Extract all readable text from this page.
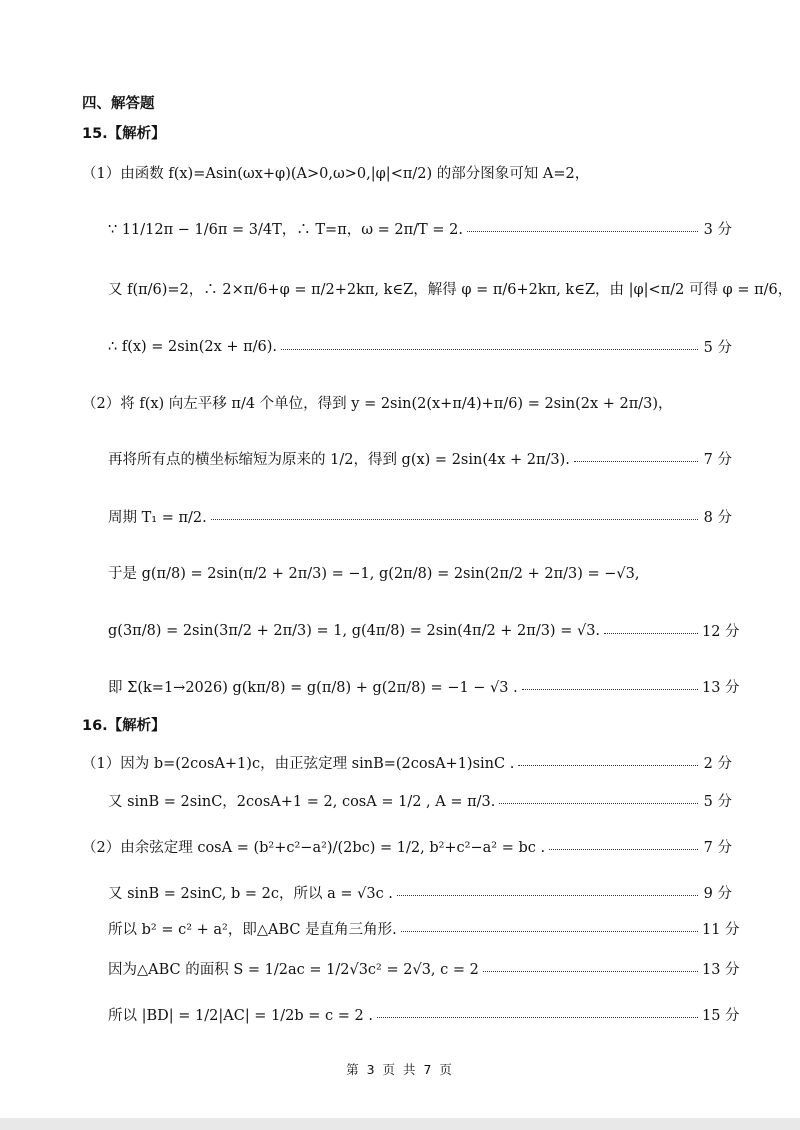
四、解答题
15.【解析】
（1）由函数 f(x)=Asin(ωx+φ)(A>0,ω>0,|φ|<π/2) 的部分图象可知 A=2，
∵ 11/12π − 1/6π = 3/4T，∴ T=π，ω = 2π/T = 2.	3 分
又 f(π/6)=2，∴ 2×π/6+φ = π/2+2kπ, k∈Z，解得 φ = π/6+2kπ, k∈Z，由 |φ|<π/2 可得 φ = π/6，
∴ f(x) = 2sin(2x + π/6).	5 分
（2）将 f(x) 向左平移 π/4 个单位，得到 y = 2sin(2(x+π/4)+π/6) = 2sin(2x + 2π/3)，
再将所有点的横坐标缩短为原来的 1/2，得到 g(x) = 2sin(4x + 2π/3).	7 分
周期 T₁ = π/2.	8 分
于是 g(π/8) = 2sin(π/2 + 2π/3) = −1, g(2π/8) = 2sin(2π/2 + 2π/3) = −√3,
g(3π/8) = 2sin(3π/2 + 2π/3) = 1, g(4π/8) = 2sin(4π/2 + 2π/3) = √3.	12 分
即 Σ(k=1→2026) g(kπ/8) = g(π/8) + g(2π/8) = −1 − √3 .	13 分
16.【解析】
（1）因为 b=(2cosA+1)c，由正弦定理 sinB=(2cosA+1)sinC .	2 分
又 sinB = 2sinC，2cosA+1 = 2, cosA = 1/2 , A = π/3.	5 分
（2）由余弦定理 cosA = (b²+c²−a²)/(2bc) = 1/2, b²+c²−a² = bc .	7 分
又 sinB = 2sinC, b = 2c，所以 a = √3c .	9 分
所以 b² = c² + a²，即△ABC 是直角三角形.	11 分
因为△ABC 的面积 S = 1/2ac = 1/2√3c² = 2√3, c = 2	13 分
所以 |BD| = 1/2|AC| = 1/2b = c = 2 .	15 分
第 3 页 共 7 页
